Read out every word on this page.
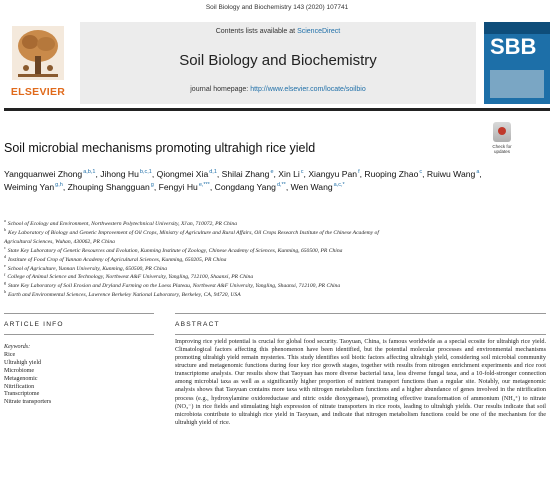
Soil Biology and Biochemistry 143 (2020) 107741
ELSEVIER
Contents lists available at ScienceDirect
Soil Biology and Biochemistry
journal homepage: http://www.elsevier.com/locate/soilbio
SBB
Soil microbial mechanisms promoting ultrahigh rice yield	Check for updates
Yangquanwei Zhong$^{a,b,1}$, Jihong Hu$^{b,c,1}$, Qiongmei Xia$^{d,1}$, Shilai Zhang$^e$, Xin Li$^c$, Xiangyu Pan$^f$, Ruoping Zhao$^c$, Ruiwu Wang$^a$, Weiming Yan$^{g,h}$, Zhouping Shangguan$^g$, Fengyi $Hu^{e,***}$, Congdang Yang$^{d,**}$, Wen Wang$^{a,c,*}$
$^a$School of Ecology and Environment, Northwestern Polytechnical University, Xi'an, 710072, PR China
$^b$Key Laboratory of Biology and Genetic Improvement of Oil Crops, Ministry of Agriculture and Rural Affairs, Oil Crops Research Institute of the Chinese Academy of
Agricultural Sciences, Wuhan, 430062, PR China
$^c$State Key Laboratory of Genetic Resources and Evolution, Kunming Institute of Zoology, Chinese Academy of Sciences, Kunming, 650500, PR China
$^d$Institute of Food Crop of Yunnan Academy of Agricultural Sciences, Kunming, 650205, PR China
$^e$School of Agriculture, Yunnan University, Kunming, 650500, PR China
$^f$College of Animal Science and Technology, Northwest A&F University, Yangling, 712100, Shaanxi, PR China
$^g$State Key Laboratory of Soil Erosion and Dryland Farming on the Loess Plateau, Northwest A&F University, Yangling, Shaanxi, 712100, PR China
$^h$Earth and Environmental Sciences, Lawrence Berkeley National Laboratory, Berkeley, CA, 94720, USA
ARTICLE INFO	ABSTRACT
Keywords:
Rice
Ultrahigh yield
Microbiome
Metagenomic
Nitrification
Transcriptome
Nitrate transporters
Improving rice yield potential is crucial for global food security. Taoyuan, China, is famous worldwide as a special ecosite for ultrahigh rice yield. Climatological factors affecting this phenomenon have been identified, but the potential molecular processes and environmental mechanisms promoting ultrahigh yield remain mysteries. This study identifies soil biotic factors affecting ultrahigh yield, considering soil microbial community structure and metagenomic functions during four key rice growth stages, together with results from nitrogen enrichment experiments and rice root transcriptome analysis. Our results show that Taoyuan has more diverse bacterial taxa, less diverse fungal taxa, and a 10-fold-stronger connection among microbial taxa as well as a significantly higher proportion of nutrient transport functions than a regular site. Notably, our metagenomic analysis shows that Taoyuan contains more taxa with nitrogen metabolism functions and a higher abundance of genes involved in the nitrification process (e.g., hydroxylamine oxidoreductase and nitric oxide dioxygenase), promoting effective transformation of ammonium (NH₄⁺) to nitrate (NO₃⁻) in rice fields and stimulating high expression of nitrate transporters in rice roots, leading to ultrahigh yields. Our results indicate that soil microbiota contribute to ultrahigh rice yield in Taoyuan, and indicate that nitrogen metabolism functions could be one of the mechanism for the ultrahigh yield of rice.
